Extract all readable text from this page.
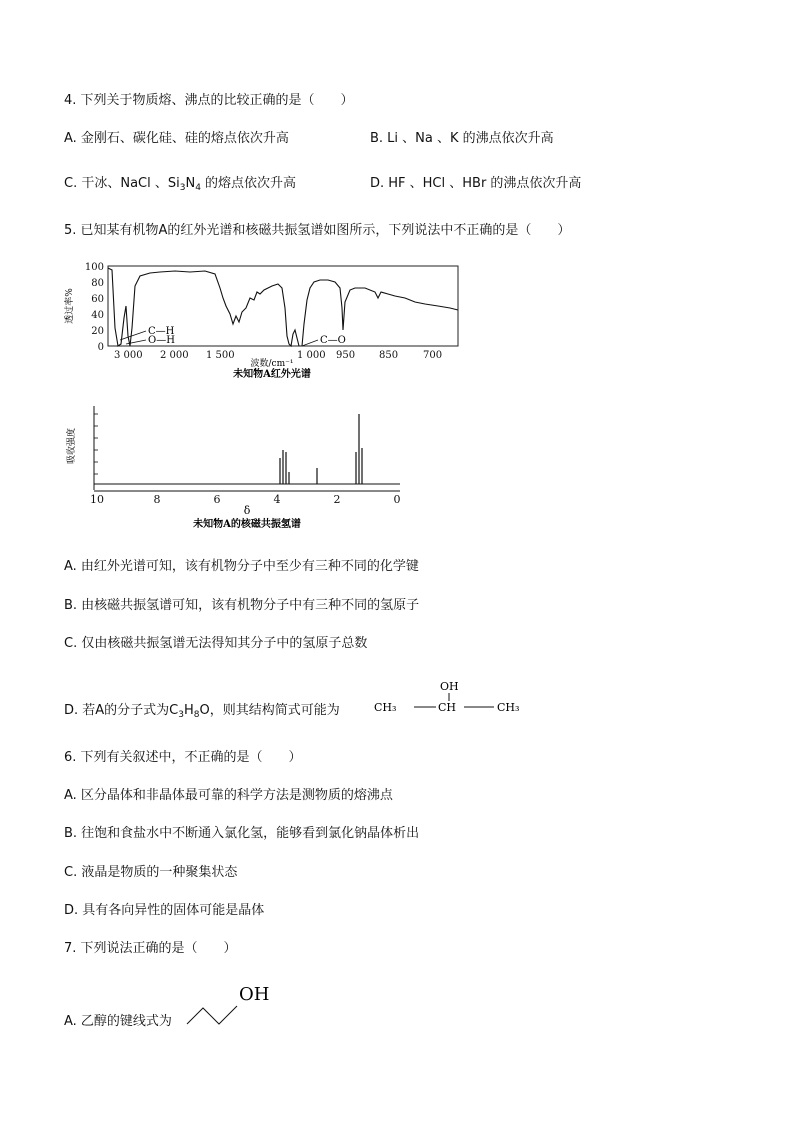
4. 下列关于物质熔、沸点的比较正确的是（　　）
A. 金刚石、碳化硅、硅的熔点依次升高	B. Li 、Na 、K 的沸点依次升高
C. 干冰、NaCl 、$Si_3N_4$ 的熔点依次升高	D. HF 、HCl 、HBr 的沸点依次升高
5. 已知某有机物A的红外光谱和核磁共振氢谱如图所示，下列说法中不正确的是（　　）
100
80
60
40
20
0
透过率%
C—H
O—H	C—O
3 000 2 000 1 500	1 000 950 850 700
波数/cm⁻¹
未知物A红外光谱
吸收强度
10	8	6	4	2	0
δ
未知物A的核磁共振氢谱
A. 由红外光谱可知，该有机物分子中至少有三种不同的化学键
B. 由核磁共振氢谱可知，该有机物分子中有三种不同的氢原子
C. 仅由核磁共振氢谱无法得知其分子中的氢原子总数
D. 若A的分子式为$C_3H_8O$，则其结构简式可能为
OH
CH₃	CH	CH₃
6. 下列有关叙述中，不正确的是（　　）
A. 区分晶体和非晶体最可靠的科学方法是测物质的熔沸点
B. 往饱和食盐水中不断通入氯化氢，能够看到氯化钠晶体析出
C. 液晶是物质的一种聚集状态
D. 具有各向异性的固体可能是晶体
7. 下列说法正确的是（　　）
A. 乙醇的键线式为
OH
